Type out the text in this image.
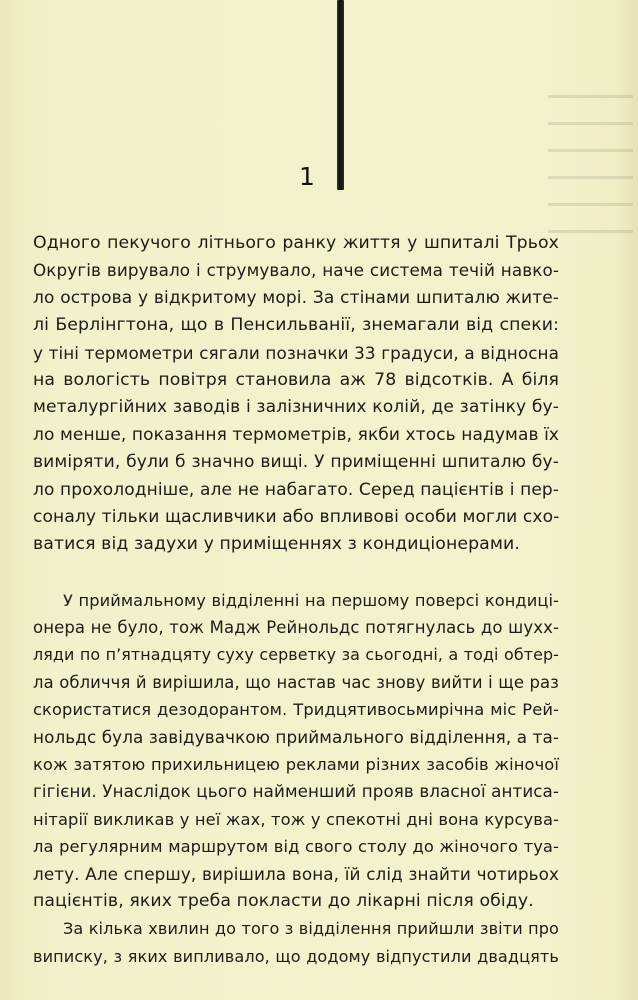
1
Одного пекучого літнього ранку життя у шпиталі Трьох
Округів вирувало і струмувало, наче система течій навко-
ло острова у відкритому морі. За стінами шпиталю жите-
лі Берлінгтона, що в Пенсильванії, знемагали від спеки:
у тіні термометри сягали позначки 33 градуси, а відносна
на вологість повітря становила аж 78 відсотків. А біля
металургійних заводів і залізничних колій, де затінку бу-
ло менше, показання термометрів, якби хтось надумав їх
виміряти, були б значно вищі. У приміщенні шпиталю бу-
ло прохолодніше, але не набагато. Серед пацієнтів і пер-
соналу тільки щасливчики або впливові особи могли схо-
ватися від задухи у приміщеннях з кондиціонерами.
У приймальному відділенні на першому поверсі кондиці-
онера не було, тож Мадж Рейнольдс потягнулась до шухх-
ляди по п’ятнадцяту суху серветку за сьогодні, а тоді обтер-
ла обличчя й вирішила, що настав час знову вийти і ще раз
скористатися дезодорантом. Тридцятивосьмирічна міс Рей-
нольдс була завідувачкою приймального відділення, а та-
кож затятою прихильницею реклами різних засобів жіночої
гігієни. Унаслідок цього найменший прояв власної антиса-
нітарії викликав у неї жах, тож у спекотні дні вона курсува-
ла регулярним маршрутом від свого столу до жіночого туа-
лету. Але спершу, вирішила вона, їй слід знайти чотирьох
пацієнтів, яких треба покласти до лікарні після обіду.
За кілька хвилин до того з відділення прийшли звіти про
виписку, з яких випливало, що додому відпустили двадцять
